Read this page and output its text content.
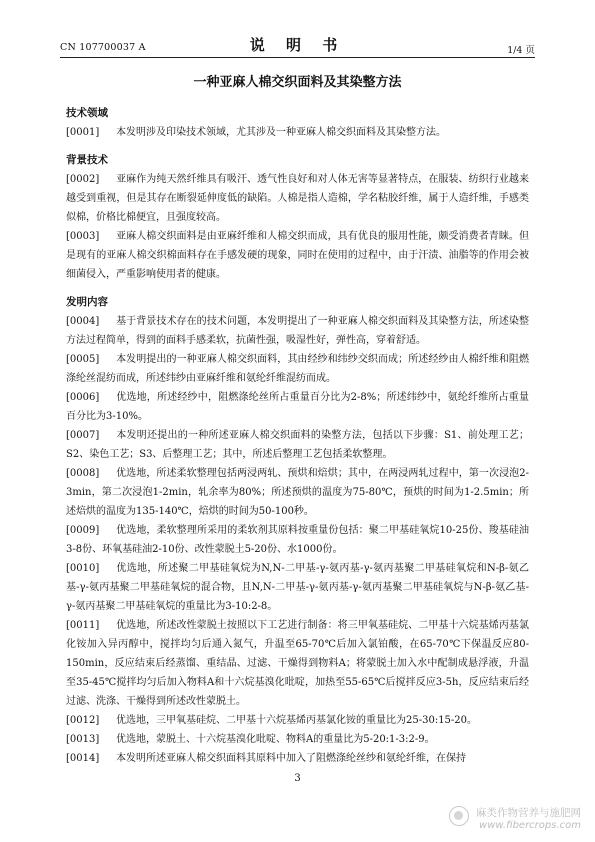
CN 107700037 A	说 明 书	1/4 页
一种亚麻人棉交织面料及其染整方法
技术领域

[0001] 本发明涉及印染技术领域，尤其涉及一种亚麻人棉交织面料及其染整方法。

背景技术

[0002] 亚麻作为纯天然纤维具有吸汗、透气性良好和对人体无害等显著特点，在服装、纺织行业越来越受到重视，但是其存在断裂延伸度低的缺陷。人棉是指人造棉，学名粘胶纤维，属于人造纤维，手感类似棉，价格比棉便宜，且强度较高。

[0003] 亚麻人棉交织面料是由亚麻纤维和人棉交织而成，具有优良的服用性能，颇受消费者青睐。但是现有的亚麻人棉交织棉面料存在手感发硬的现象，同时在使用的过程中，由于汗渍、油脂等的作用会被细菌侵入，严重影响使用者的健康。

发明内容

[0004] 基于背景技术存在的技术问题，本发明提出了一种亚麻人棉交织面料及其染整方法，所述染整方法过程简单，得到的面料手感柔软，抗菌性强，吸湿性好，弹性高，穿着舒适。

[0005] 本发明提出的一种亚麻人棉交织面料，其由经纱和纬纱交织而成；所述经纱由人棉纤维和阻燃涤纶丝混纺而成，所述纬纱由亚麻纤维和氨纶纤维混纺而成。

[0006] 优选地，所述经纱中，阻燃涤纶丝所占重量百分比为2-8%；所述纬纱中，氨纶纤维所占重量百分比为3-10%。

[0007] 本发明还提出的一种所述亚麻人棉交织面料的染整方法，包括以下步骤：S1、前处理工艺；S2、染色工艺；S3、后整理工艺；其中，所述后整理工艺包括柔软整理。

[0008] 优选地，所述柔软整理包括两浸两轧、预烘和焙烘；其中，在两浸两轧过程中，第一次浸泡2-3min，第二次浸泡1-2min，轧余率为80%；所述预烘的温度为75-80℃，预烘的时间为1-2.5min；所述焙烘的温度为135-140℃，焙烘的时间为50-100秒。

[0009] 优选地，柔软整理所采用的柔软剂其原料按重量份包括：聚二甲基硅氧烷10-25份、羧基硅油3-8份、环氧基硅油2-10份、改性蒙脱土5-20份、水1000份。

[0010] 优选地，所述聚二甲基硅氧烷为N,N-二甲基-γ-氨丙基-γ-氨丙基聚二甲基硅氧烷和N-β-氨乙基-γ-氨丙基聚二甲基硅氧烷的混合物，且N,N-二甲基-γ-氨丙基-γ-氨丙基聚二甲基硅氧烷与N-β-氨乙基-γ-氨丙基聚二甲基硅氧烷的重量比为3-10:2-8。

[0011] 优选地，所述改性蒙脱土按照以下工艺进行制备：将三甲氧基硅烷、二甲基十六烷基烯丙基氯化铵加入异丙醇中，搅拌均匀后通入氮气，升温至65-70℃后加入氯铂酸，在65-70℃下保温反应80-150min，反应结束后经蒸馏、重结晶、过滤、干燥得到物料A；将蒙脱土加入水中配制成悬浮液，升温至35-45℃搅拌均匀后加入物料A和十六烷基溴化吡啶，加热至55-65℃后搅拌反应3-5h，反应结束后经过滤、洗涤、干燥得到所述改性蒙脱土。

[0012] 优选地，三甲氧基硅烷、二甲基十六烷基烯丙基氯化铵的重量比为25-30:15-20。

[0013] 优选地，蒙脱土、十六烷基溴化吡啶、物料A的重量比为5-20:1-3:2-9。

[0014] 本发明所述亚麻人棉交织面料其原料中加入了阻燃涤纶丝纱和氨纶纤维，在保持

3
麻类作物营养与施肥网
www.fibercrops.com
